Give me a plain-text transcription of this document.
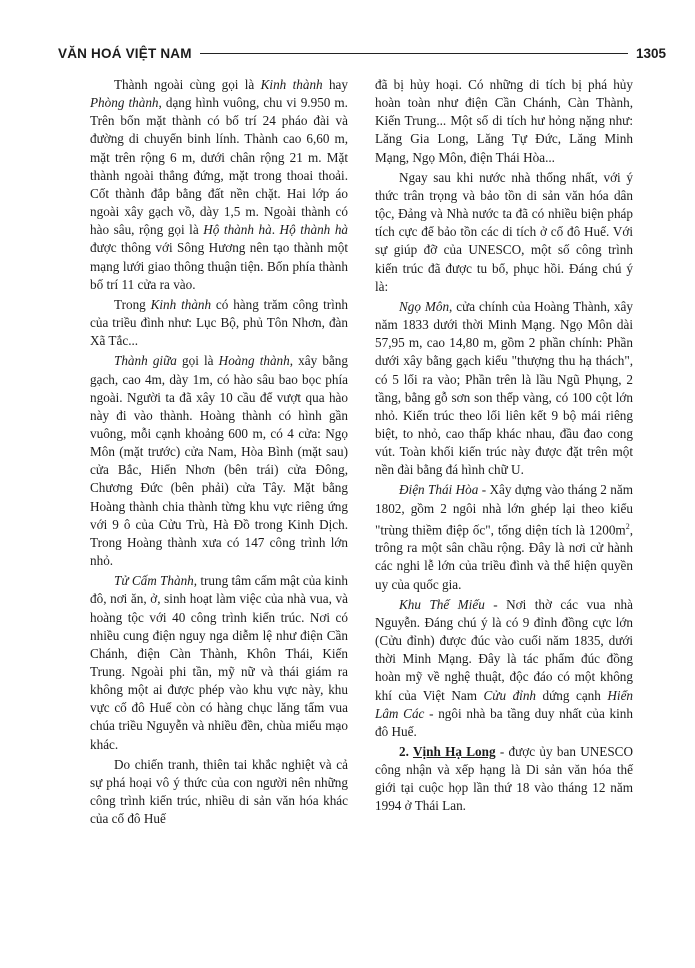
VĂN HOÁ VIỆT NAM	1305

Thành ngoài cùng gọi là Kinh thành hay Phòng thành, dạng hình vuông, chu vi 9.950 m. Trên bốn mặt thành có bố trí 24 pháo đài và đường di chuyển binh lính. Thành cao 6,60 m, mặt trên rộng 6 m, dưới chân rộng 21 m. Mặt thành ngoài thẳng đứng, mặt trong thoai thoải. Cốt thành đắp bằng đất nền chặt. Hai lớp áo ngoài xây gạch vồ, dày 1,5 m. Ngoài thành có hào sâu, rộng gọi là Hộ thành hà. Hộ thành hà được thông với Sông Hương nên tạo thành một mạng lưới giao thông thuận tiện. Bốn phía thành bố trí 11 cửa ra vào.

Trong Kinh thành có hàng trăm công trình của triều đình như: Lục Bộ, phủ Tôn Nhơn, đàn Xã Tắc...

Thành giữa gọi là Hoàng thành, xây bằng gạch, cao 4m, dày 1m, có hào sâu bao bọc phía ngoài. Người ta đã xây 10 cầu để vượt qua hào này đi vào thành. Hoàng thành có hình gần vuông, mỗi cạnh khoảng 600 m, có 4 cửa: Ngọ Môn (mặt trước) cửa Nam, Hòa Bình (mặt sau) cửa Bắc, Hiển Nhơn (bên trái) cửa Đông, Chương Đức (bên phải) cửa Tây. Mặt bằng Hoàng thành chia thành từng khu vực riêng ứng với 9 ô của Cửu Trù, Hà Đồ trong Kinh Dịch. Trong Hoàng thành xưa có 147 công trình lớn nhỏ.

Tử Cấm Thành, trung tâm cấm mật của kinh đô, nơi ăn, ở, sinh hoạt làm việc của nhà vua, và hoàng tộc với 40 công trình kiến trúc. Nơi có nhiều cung điện nguy nga diễm lệ như điện Cần Chánh, điện Càn Thành, Khôn Thái, Kiến Trung. Ngoài phi tần, mỹ nữ và thái giám ra không một ai được phép vào khu vực này, khu vực cố đô Huế còn có hàng chục lăng tẩm vua chúa triều Nguyễn và nhiều đền, chùa miếu mạo khác.

Do chiến tranh, thiên tai khắc nghiệt và cả sự phá hoại vô ý thức của con người nên những công trình kiến trúc, nhiều di sản văn hóa khác của cố đô Huế

đã bị hủy hoại. Có những di tích bị phá hủy hoàn toàn như điện Cần Chánh, Càn Thành, Kiến Trung... Một số di tích hư hỏng nặng như: Lăng Gia Long, Lăng Tự Đức, Lăng Minh Mạng, Ngọ Môn, điện Thái Hòa...

Ngay sau khi nước nhà thống nhất, với ý thức trân trọng và bảo tồn di sản văn hóa dân tộc, Đảng và Nhà nước ta đã có nhiều biện pháp tích cực để bảo tồn các di tích ở cố đô Huế. Với sự giúp đỡ của UNESCO, một số công trình kiến trúc đã được tu bổ, phục hồi. Đáng chú ý là:

Ngọ Môn, cửa chính của Hoàng Thành, xây năm 1833 dưới thời Minh Mạng. Ngọ Môn dài 57,95 m, cao 14,80 m, gồm 2 phần chính: Phần dưới xây bằng gạch kiểu "thượng thu hạ thách", có 5 lối ra vào; Phần trên là lầu Ngũ Phụng, 2 tầng, bằng gỗ sơn son thếp vàng, có 100 cột lớn nhỏ. Kiến trúc theo lối liên kết 9 bộ mái riêng biệt, to nhỏ, cao thấp khác nhau, đầu đao cong vút. Toàn khối kiến trúc này được đặt trên một nền đài bằng đá hình chữ U.

Điện Thái Hòa - Xây dựng vào tháng 2 năm 1802, gồm 2 ngôi nhà lớn ghép lại theo kiểu "trùng thiềm điệp ốc", tổng diện tích là $1200m^2$, trông ra một sân chầu rộng. Đây là nơi cử hành các nghi lễ lớn của triều đình và thể hiện quyền uy của quốc gia.

Khu Thế Miếu - Nơi thờ các vua nhà Nguyễn. Đáng chú ý là có 9 đỉnh đồng cực lớn (Cửu đỉnh) được đúc vào cuối năm 1835, dưới thời Minh Mạng. Đây là tác phẩm đúc đồng hoàn mỹ về nghệ thuật, độc đáo có một không khí của Việt Nam Cửu đỉnh dứng cạnh Hiển Lâm Các - ngôi nhà ba tầng duy nhất của kinh đô Huế.

2. Vịnh Hạ Long - được ủy ban UNESCO công nhận và xếp hạng là Di sản văn hóa thế giới tại cuộc họp lần thứ 18 vào tháng 12 năm 1994 ở Thái Lan.
